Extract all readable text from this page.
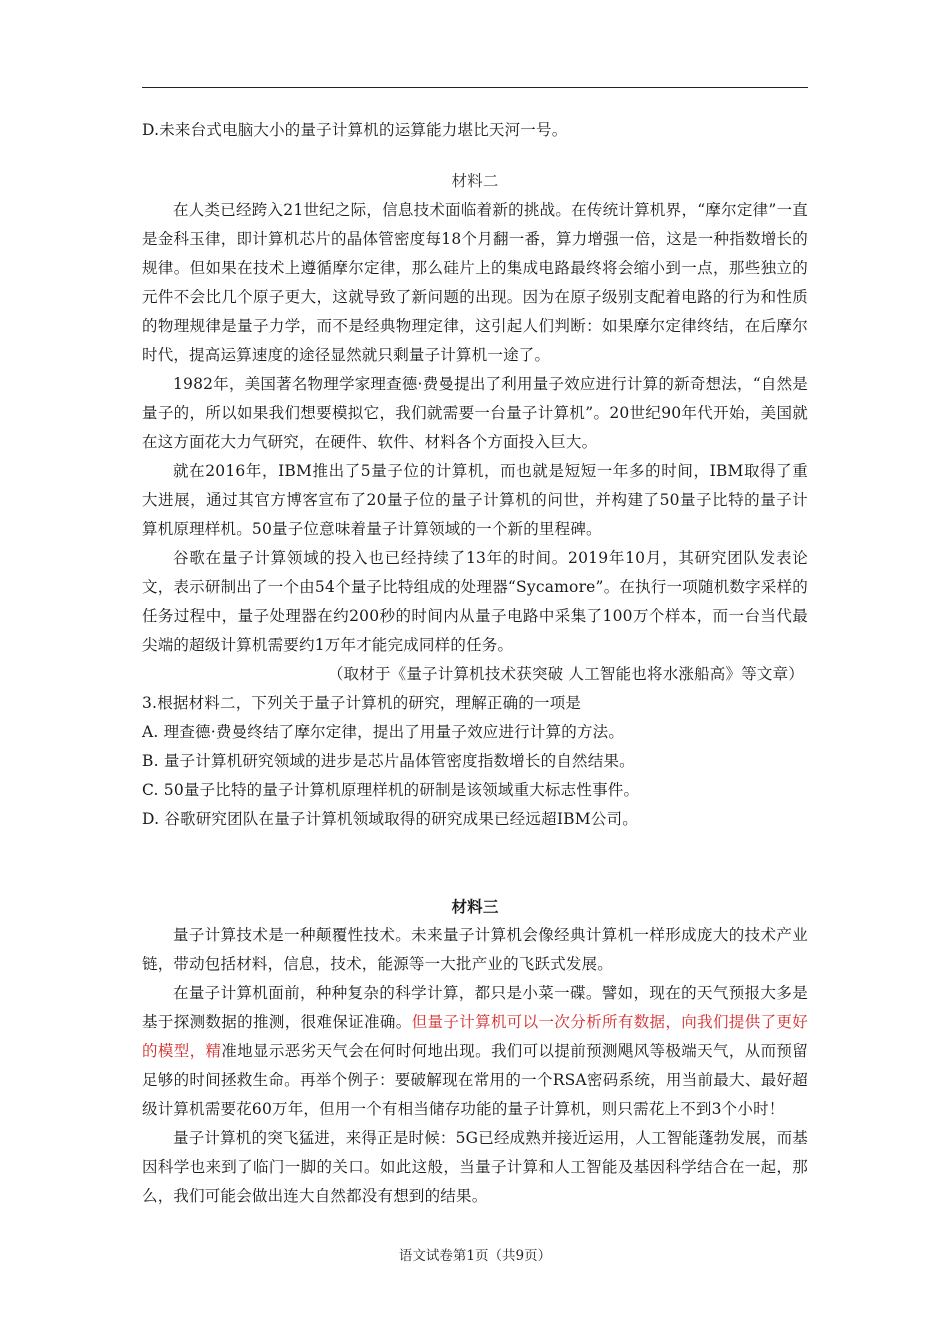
D.未来台式电脑大小的量子计算机的运算能力堪比天河一号。

材料二

在人类已经跨入21世纪之际，信息技术面临着新的挑战。在传统计算机界，“摩尔定律”一直是金科玉律，即计算机芯片的晶体管密度每18个月翻一番，算力增强一倍，这是一种指数增长的规律。但如果在技术上遵循摩尔定律，那么硅片上的集成电路最终将会缩小到一点，那些独立的元件不会比几个原子更大，这就导致了新问题的出现。因为在原子级别支配着电路的行为和性质的物理规律是量子力学，而不是经典物理定律，这引起人们判断：如果摩尔定律终结，在后摩尔时代，提高运算速度的途径显然就只剩量子计算机一途了。

1982年，美国著名物理学家理查德·费曼提出了利用量子效应进行计算的新奇想法，“自然是量子的，所以如果我们想要模拟它，我们就需要一台量子计算机”。20世纪90年代开始，美国就在这方面花大力气研究，在硬件、软件、材料各个方面投入巨大。

就在2016年，IBM推出了5量子位的计算机，而也就是短短一年多的时间，IBM取得了重大进展，通过其官方博客宣布了20量子位的量子计算机的问世，并构建了50量子比特的量子计算机原理样机。50量子位意味着量子计算领域的一个新的里程碑。

谷歌在量子计算领域的投入也已经持续了13年的时间。2019年10月，其研究团队发表论文，表示研制出了一个由54个量子比特组成的处理器“Sycamore”。在执行一项随机数字采样的任务过程中，量子处理器在约200秒的时间内从量子电路中采集了100万个样本，而一台当代最尖端的超级计算机需要约1万年才能完成同样的任务。

（取材于《量子计算机技术获突破 人工智能也将水涨船高》等文章）

3.根据材料二，下列关于量子计算机的研究，理解正确的一项是

A. 理查德·费曼终结了摩尔定律，提出了用量子效应进行计算的方法。

B. 量子计算机研究领域的进步是芯片晶体管密度指数增长的自然结果。

C. 50量子比特的量子计算机原理样机的研制是该领域重大标志性事件。

D. 谷歌研究团队在量子计算机领域取得的研究成果已经远超IBM公司。

材料三

量子计算技术是一种颠覆性技术。未来量子计算机会像经典计算机一样形成庞大的技术产业链，带动包括材料，信息，技术，能源等一大批产业的飞跃式发展。

在量子计算机面前，种种复杂的科学计算，都只是小菜一碟。譬如，现在的天气预报大多是基于探测数据的推测，很难保证准确。但量子计算机可以一次分析所有数据，向我们提供了更好的模型，精准地显示恶劣天气会在何时何地出现。我们可以提前预测飓风等极端天气，从而预留足够的时间拯救生命。再举个例子：要破解现在常用的一个RSA密码系统，用当前最大、最好超级计算机需要花60万年，但用一个有相当储存功能的量子计算机，则只需花上不到3个小时！

量子计算机的突飞猛进，来得正是时候：5G已经成熟并接近运用，人工智能蓬勃发展，而基因科学也来到了临门一脚的关口。如此这般，当量子计算和人工智能及基因科学结合在一起，那么，我们可能会做出连大自然都没有想到的结果。

语文试卷第1页（共9页）
